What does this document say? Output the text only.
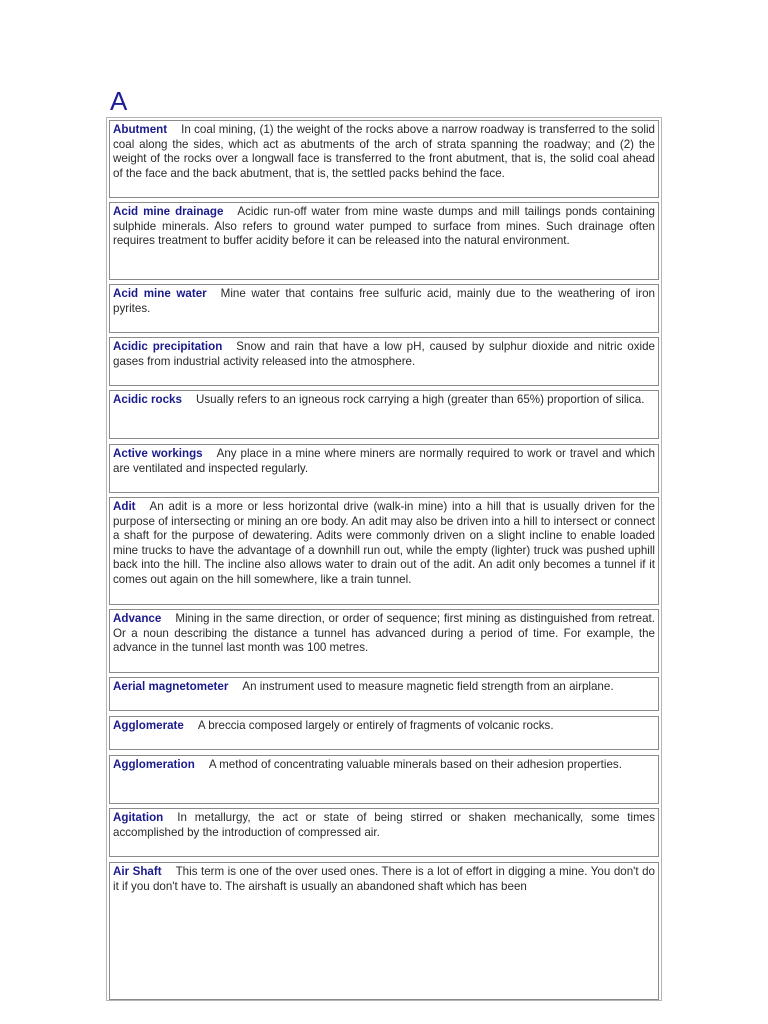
A
Abutment In coal mining, (1) the weight of the rocks above a narrow roadway is transferred to the solid coal along the sides, which act as abutments of the arch of strata spanning the roadway; and (2) the weight of the rocks over a longwall face is transferred to the front abutment, that is, the solid coal ahead of the face and the back abutment, that is, the settled packs behind the face.
Acid mine drainage Acidic run-off water from mine waste dumps and mill tailings ponds containing sulphide minerals. Also refers to ground water pumped to surface from mines. Such drainage often requires treatment to buffer acidity before it can be released into the natural environment.
Acid mine water Mine water that contains free sulfuric acid, mainly due to the weathering of iron pyrites.
Acidic precipitation Snow and rain that have a low pH, caused by sulphur dioxide and nitric oxide gases from industrial activity released into the atmosphere.
Acidic rocks Usually refers to an igneous rock carrying a high (greater than 65%) proportion of silica.
Active workings Any place in a mine where miners are normally required to work or travel and which are ventilated and inspected regularly.
Adit An adit is a more or less horizontal drive (walk-in mine) into a hill that is usually driven for the purpose of intersecting or mining an ore body. An adit may also be driven into a hill to intersect or connect a shaft for the purpose of dewatering. Adits were commonly driven on a slight incline to enable loaded mine trucks to have the advantage of a downhill run out, while the empty (lighter) truck was pushed uphill back into the hill. The incline also allows water to drain out of the adit. An adit only becomes a tunnel if it comes out again on the hill somewhere, like a train tunnel.
Advance Mining in the same direction, or order of sequence; first mining as distinguished from retreat. Or a noun describing the distance a tunnel has advanced during a period of time. For example, the advance in the tunnel last month was 100 metres.
Aerial magnetometer An instrument used to measure magnetic field strength from an airplane.
Agglomerate A breccia composed largely or entirely of fragments of volcanic rocks.
Agglomeration A method of concentrating valuable minerals based on their adhesion properties.
Agitation In metallurgy, the act or state of being stirred or shaken mechanically, some times accomplished by the introduction of compressed air.
Air Shaft This term is one of the over used ones. There is a lot of effort in digging a mine. You don't do it if you don't have to. The airshaft is usually an abandoned shaft which has been
